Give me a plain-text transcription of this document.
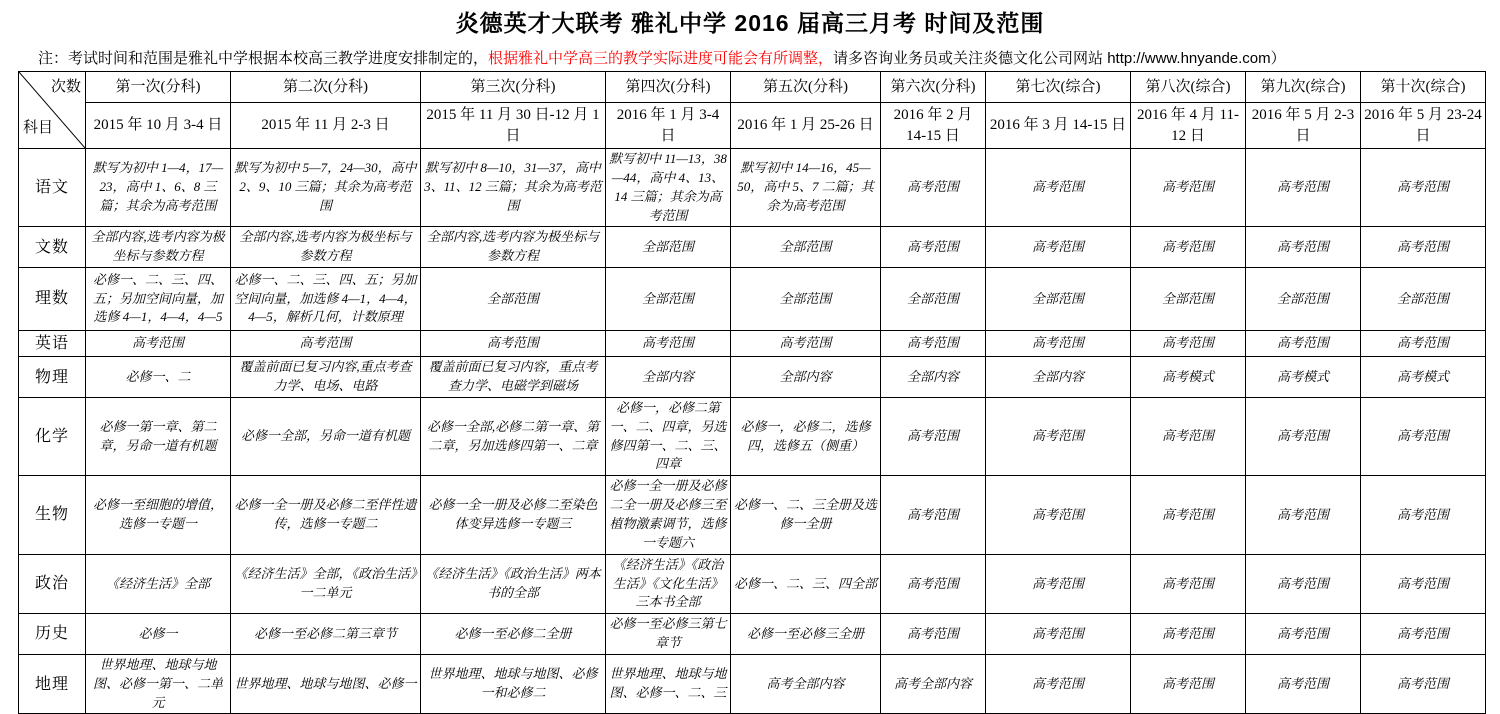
炎德英才大联考 雅礼中学 2016 届高三月考 时间及范围

注：考试时间和范围是雅礼中学根据本校高三教学进度安排制定的，根据雅礼中学高三的教学实际进度可能会有所调整，请多咨询业务员或关注炎德文化公司网站 http://www.hnyande.com）

次数
科目	第一次(分科)	第二次(分科)	第三次(分科)	第四次(分科)	第五次(分科)	第六次(分科)	第七次(综合)	第八次(综合)	第九次(综合)	第十次(综合)
	2015 年 10 月 3-4 日	2015 年 11 月 2-3 日	2015 年 11 月 30 日-12 月 1 日	2016 年 1 月 3-4 日	2016 年 1 月 25-26 日	2016 年 2 月 14-15 日	2016 年 3 月 14-15 日	2016 年 4 月 11-12 日	2016 年 5 月 2-3 日	2016 年 5 月 23-24 日
语文	默写为初中 1—4，17—23，高中 1、6、8 三篇；其余为高考范围	默写为初中 5—7，24—30，高中 2、9、10 三篇；其余为高考范围	默写初中 8—10，31—37，高中 3、11、12 三篇；其余为高考范围	默写初中 11—13，38—44，高中 4、13、14 三篇；其余为高考范围	默写初中 14—16，45—50，高中 5、7 二篇；其余为高考范围	高考范围	高考范围	高考范围	高考范围	高考范围
文数	全部内容,选考内容为极坐标与参数方程	全部内容,选考内容为极坐标与参数方程	全部内容,选考内容为极坐标与参数方程	全部范围	全部范围	高考范围	高考范围	高考范围	高考范围	高考范围
理数	必修一、二、三、四、五；另加空间向量，加选修 4—1，4—4，4—5	必修一、二、三、四、五；另加空间向量，加选修 4—1，4—4，4—5，解析几何，计数原理	全部范围	全部范围	全部范围	全部范围	全部范围	全部范围	全部范围	全部范围
英语	高考范围	高考范围	高考范围	高考范围	高考范围	高考范围	高考范围	高考范围	高考范围	高考范围
物理	必修一、二	覆盖前面已复习内容,重点考查力学、电场、电路	覆盖前面已复习内容，重点考查力学、电磁学到磁场	全部内容	全部内容	全部内容	全部内容	高考模式	高考模式	高考模式
化学	必修一第一章、第二章，另命一道有机题	必修一全部，另命一道有机题	必修一全部,必修二第一章、第二章，另加选修四第一、二章	必修一，必修二第一、二、四章，另选修四第一、二、三、四章	必修一，必修二，选修四，选修五（侧重）	高考范围	高考范围	高考范围	高考范围	高考范围
生物	必修一至细胞的增值，选修一专题一	必修一全一册及必修二至伴性遗传，选修一专题二	必修一全一册及必修二至染色体变异选修一专题三	必修一全一册及必修二全一册及必修三至植物激素调节，选修一专题六	必修一、二、三全册及选修一全册	高考范围	高考范围	高考范围	高考范围	高考范围
政治	《经济生活》全部	《经济生活》全部，《政治生活》一二单元	《经济生活》《政治生活》两本书的全部	《经济生活》《政治生活》《文化生活》三本书全部	必修一、二、三、四全部	高考范围	高考范围	高考范围	高考范围	高考范围
历史	必修一	必修一至必修二第三章节	必修一至必修二全册	必修一至必修三第七章节	必修一至必修三全册	高考范围	高考范围	高考范围	高考范围	高考范围
地理	世界地理、地球与地图、必修一第一、二单元	世界地理、地球与地图、必修一	世界地理、地球与地图、必修一和必修二	世界地理、地球与地图、必修一、二、三	高考全部内容	高考全部内容	高考范围	高考范围	高考范围	高考范围
